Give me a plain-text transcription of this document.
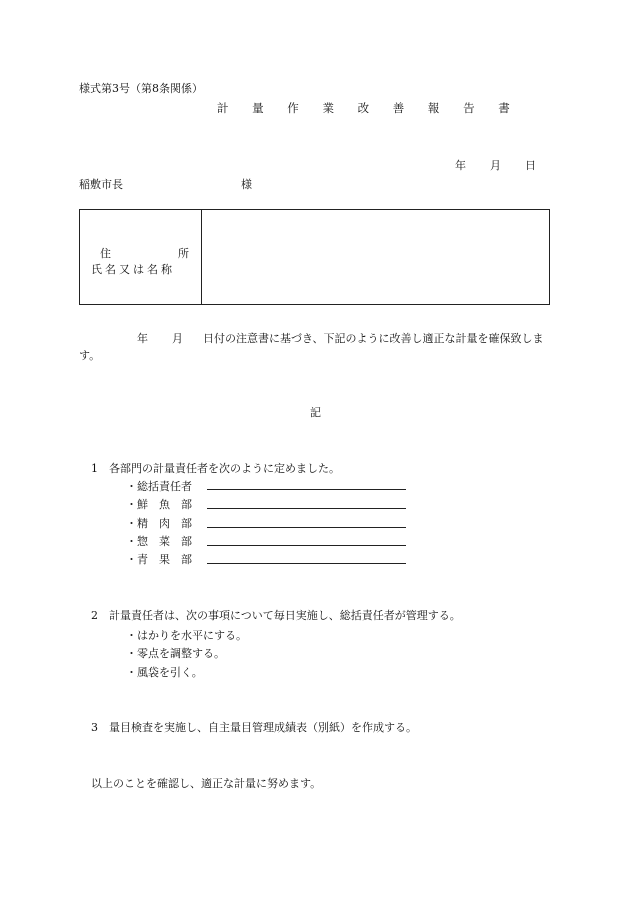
様式第3号（第8条関係）
計 量 作 業 改 善 報 告 書
年 月 日
稲敷市長	様
住	所
氏名又は名称
年 月 日付の注意書に基づき、下記のように改善し適正な計量を確保致します。
記
1　各部門の計量責任者を次のように定めました。
・総括責任者
・鮮　魚　部
・精　肉　部
・惣　菜　部
・青　果　部
2　計量責任者は、次の事項について毎日実施し、総括責任者が管理する。
・はかりを水平にする。
・零点を調整する。
・風袋を引く。
3　量目検査を実施し、自主量目管理成績表（別紙）を作成する。
以上のことを確認し、適正な計量に努めます。
